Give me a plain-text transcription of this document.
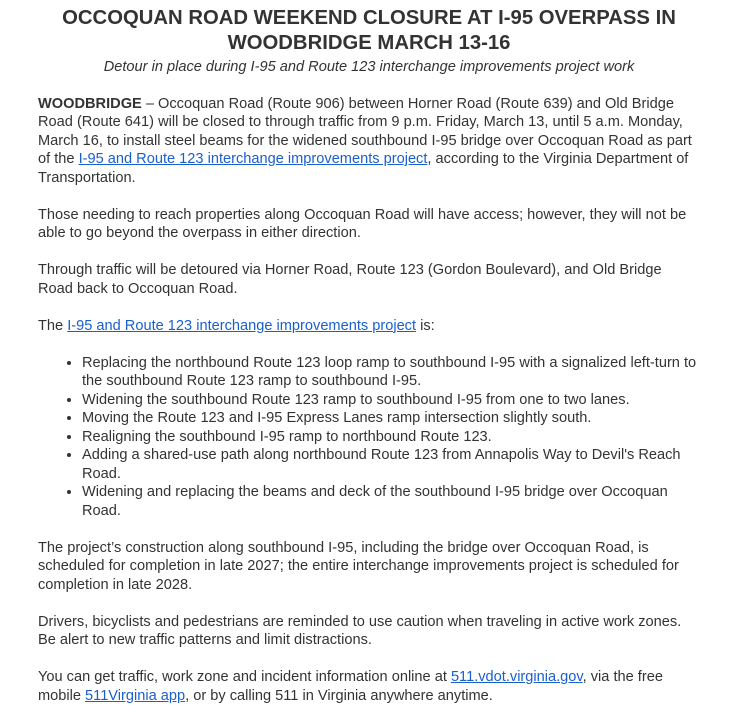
OCCOQUAN ROAD WEEKEND CLOSURE AT I-95 OVERPASS IN WOODBRIDGE MARCH 13-16
Detour in place during I-95 and Route 123 interchange improvements project work

WOODBRIDGE – Occoquan Road (Route 906) between Horner Road (Route 639) and Old Bridge Road (Route 641) will be closed to through traffic from 9 p.m. Friday, March 13, until 5 a.m. Monday, March 16, to install steel beams for the widened southbound I-95 bridge over Occoquan Road as part of the I-95 and Route 123 interchange improvements project, according to the Virginia Department of Transportation.

Those needing to reach properties along Occoquan Road will have access; however, they will not be able to go beyond the overpass in either direction.

Through traffic will be detoured via Horner Road, Route 123 (Gordon Boulevard), and Old Bridge Road back to Occoquan Road.

The I-95 and Route 123 interchange improvements project is:

• Replacing the northbound Route 123 loop ramp to southbound I-95 with a signalized left-turn to the southbound Route 123 ramp to southbound I-95.
• Widening the southbound Route 123 ramp to southbound I-95 from one to two lanes.
• Moving the Route 123 and I-95 Express Lanes ramp intersection slightly south.
• Realigning the southbound I-95 ramp to northbound Route 123.
• Adding a shared-use path along northbound Route 123 from Annapolis Way to Devil's Reach Road.
• Widening and replacing the beams and deck of the southbound I-95 bridge over Occoquan Road.

The project’s construction along southbound I-95, including the bridge over Occoquan Road, is scheduled for completion in late 2027; the entire interchange improvements project is scheduled for completion in late 2028.

Drivers, bicyclists and pedestrians are reminded to use caution when traveling in active work zones. Be alert to new traffic patterns and limit distractions.

You can get traffic, work zone and incident information online at 511.vdot.virginia.gov, via the free mobile 511Virginia app, or by calling 511 in Virginia anywhere anytime.
